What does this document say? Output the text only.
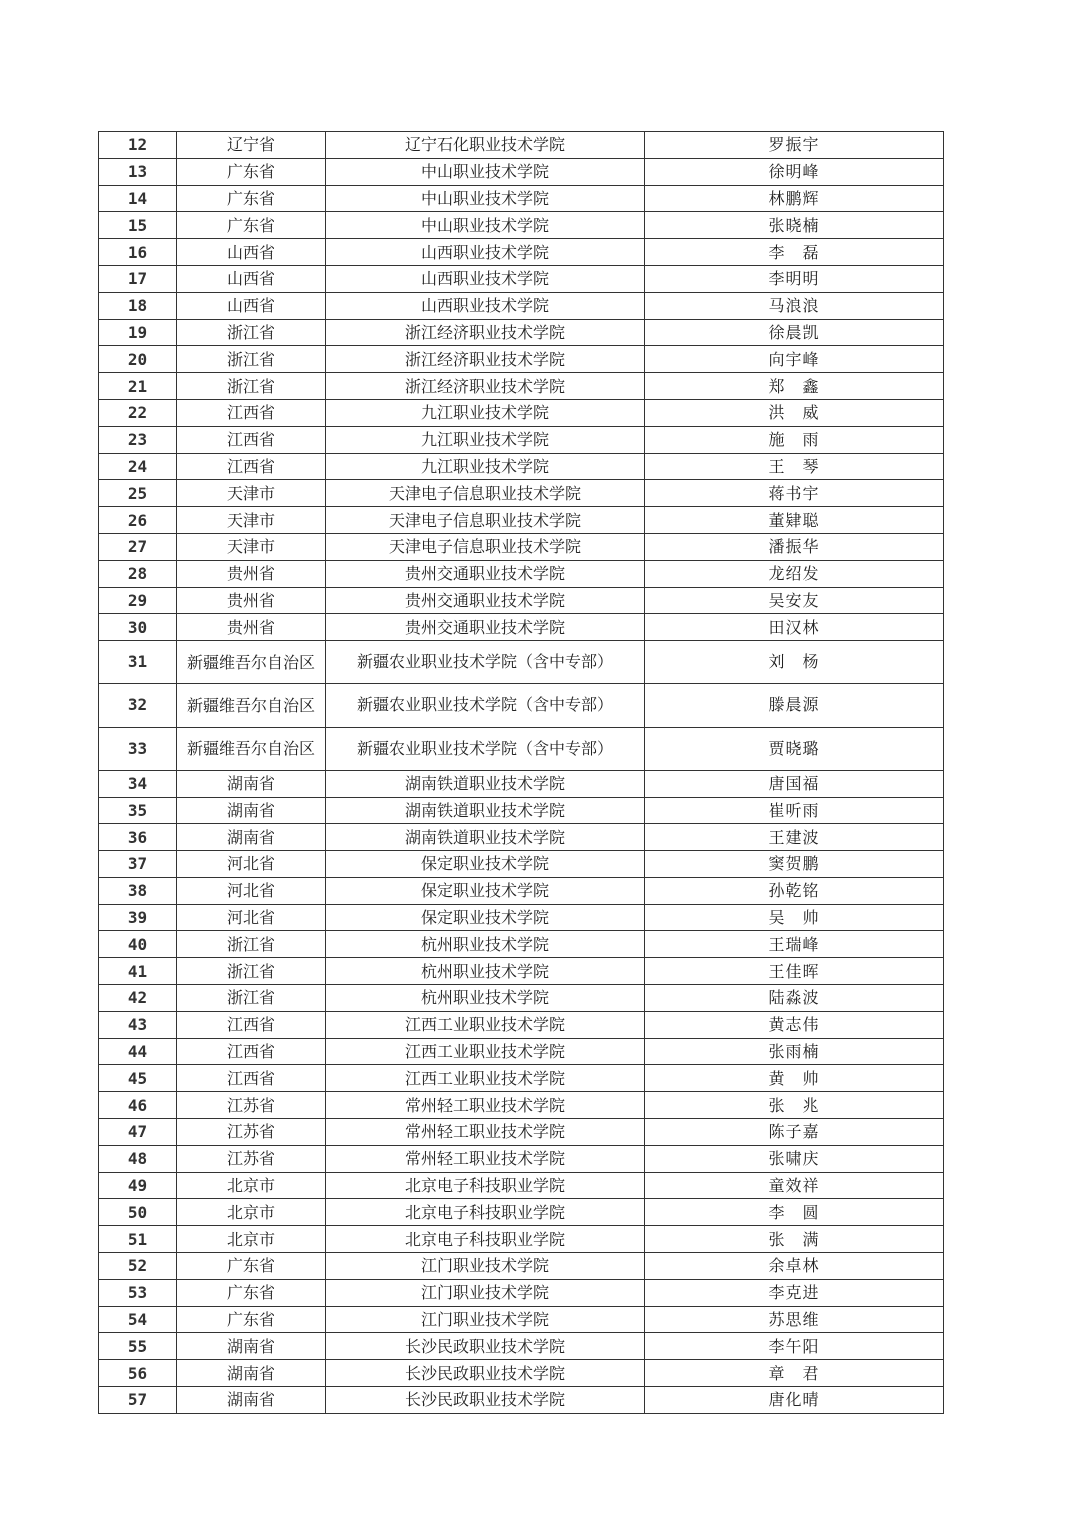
12	辽宁省	辽宁石化职业技术学院	罗振宇
13	广东省	中山职业技术学院	徐明峰
14	广东省	中山职业技术学院	林鹏辉
15	广东省	中山职业技术学院	张晓楠
16	山西省	山西职业技术学院	李　磊
17	山西省	山西职业技术学院	李明明
18	山西省	山西职业技术学院	马浪浪
19	浙江省	浙江经济职业技术学院	徐晨凯
20	浙江省	浙江经济职业技术学院	向宇峰
21	浙江省	浙江经济职业技术学院	郑　鑫
22	江西省	九江职业技术学院	洪　威
23	江西省	九江职业技术学院	施　雨
24	江西省	九江职业技术学院	王　琴
25	天津市	天津电子信息职业技术学院	蒋书宇
26	天津市	天津电子信息职业技术学院	董肄聪
27	天津市	天津电子信息职业技术学院	潘振华
28	贵州省	贵州交通职业技术学院	龙绍发
29	贵州省	贵州交通职业技术学院	吴安友
30	贵州省	贵州交通职业技术学院	田汉林
31	新疆维吾尔自治区	新疆农业职业技术学院（含中专部）	刘　杨
32	新疆维吾尔自治区	新疆农业职业技术学院（含中专部）	滕晨源
33	新疆维吾尔自治区	新疆农业职业技术学院（含中专部）	贾晓璐
34	湖南省	湖南铁道职业技术学院	唐国福
35	湖南省	湖南铁道职业技术学院	崔听雨
36	湖南省	湖南铁道职业技术学院	王建波
37	河北省	保定职业技术学院	窦贺鹏
38	河北省	保定职业技术学院	孙乾铭
39	河北省	保定职业技术学院	吴　帅
40	浙江省	杭州职业技术学院	王瑞峰
41	浙江省	杭州职业技术学院	王佳晖
42	浙江省	杭州职业技术学院	陆淼波
43	江西省	江西工业职业技术学院	黄志伟
44	江西省	江西工业职业技术学院	张雨楠
45	江西省	江西工业职业技术学院	黄　帅
46	江苏省	常州轻工职业技术学院	张　兆
47	江苏省	常州轻工职业技术学院	陈子嘉
48	江苏省	常州轻工职业技术学院	张啸庆
49	北京市	北京电子科技职业学院	童效祥
50	北京市	北京电子科技职业学院	李　圆
51	北京市	北京电子科技职业学院	张　满
52	广东省	江门职业技术学院	余卓林
53	广东省	江门职业技术学院	李克进
54	广东省	江门职业技术学院	苏思维
55	湖南省	长沙民政职业技术学院	李午阳
56	湖南省	长沙民政职业技术学院	章　君
57	湖南省	长沙民政职业技术学院	唐化晴
